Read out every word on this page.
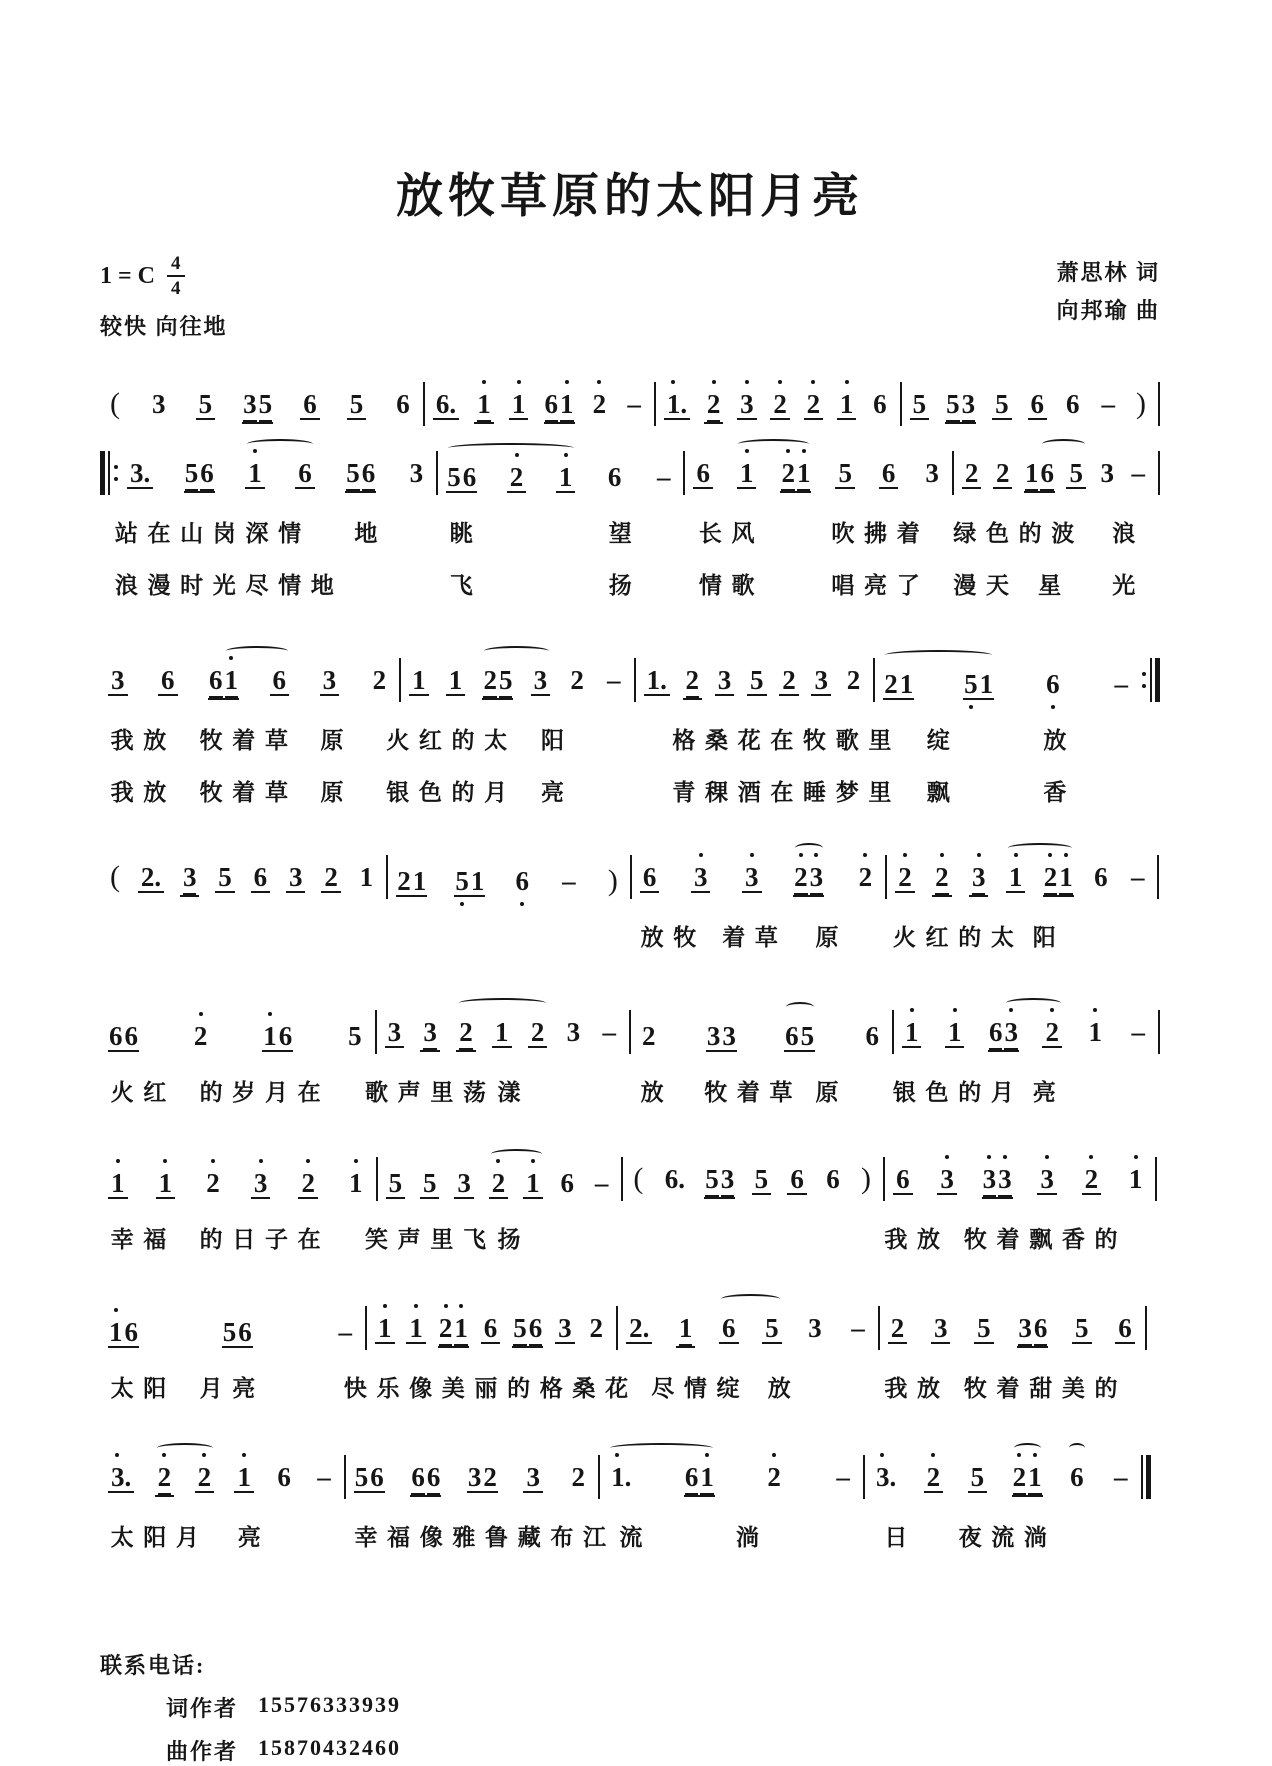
放牧草原的太阳月亮
1 = C $\frac{4}{4}$
较快 向往地
萧思林 词
向邦瑜 曲
( 3 5 3 5 6 5 6 6. 1 1 6 1 2 – 1. 2 3 2 2 1 6 5 5 3 5 6 6 – )
3. 5 6 1 6 5 6 3 5 6 2 1 6 – 6 1 2 1 5 6 3 2 2 1 6 5 3 –
站在山岗深情 地	眺	望 长风	吹拂着 绿色的波 浪
浪漫时光尽情地	飞	扬 情歌	唱亮了 漫天 星 光
3 6 6 1 6 3 2 1 1 2 5 3 2 – 1. 2 3 5 2 3 2 2 1 5 1 6 –
我放 牧着草 原 火红的太 阳	格桑花在牧歌里 绽	放
我放 牧着草 原 银色的月 亮	青稞酒在睡梦里 飘	香
( 2. 3 5 6 3 2 1 2 1 5 1 6 – ) 6 3 3 2 3 2 2 2 3 1 2 1 6 –
放牧 着草 原 火红的太 阳
6 6 2 1 6 5 3 3 2 1 2 3 – 2 3 3 6 5 6 1 1 6 3 2 1 –
火红 的岁月在 歌声里荡 漾	放 牧着草 原 银色的月 亮
1 1 2 3 2 1 5 5 3 2 1 6 – ( 6. 5 3 5 6 6 ) 6 3 3 3 3 2 1
幸福 的日子在 笑声里飞 扬	我放 牧着飘香的
1 6	5 6	– 1 1 2 1 6 5 6 3 2 2. 1 6 5 3 – 2 3 5 3 6 5 6
太阳 月亮	快乐像美丽的格桑花 尽情绽 放	我放 牧着甜美的
3. 2 2 1 6 – 5 6 6 6 3 2 3 2 1. 6 1 2 – 3. 2 5 2 1 6 –
太阳月 亮	幸福像雅鲁藏布江 流	淌	日 夜流淌
联系电话:
词作者 15576333939
曲作者 15870432460
